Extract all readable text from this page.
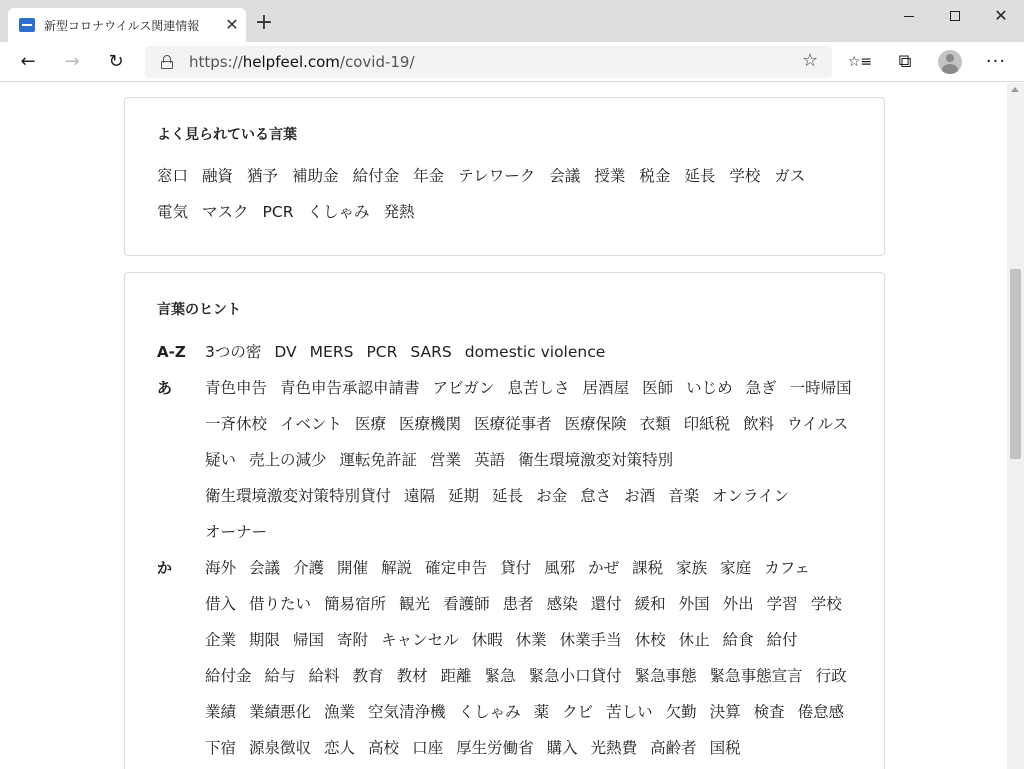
新型コロナウイルス関連情報 ✕ +	✕
←	→	↻	https://helpfeel.com/covid-19/	☆ ☆≡	⧉	···
よく見られている言葉
窓口 融資 猶予 補助金 給付金 年金 テレワーク 会議 授業 税金 延長 学校 ガス電気 マスク PCR くしゃみ 発熱
言葉のヒント
A-Z	3つの密 DV MERS PCR SARS domestic violence
あ	青色申告 青色申告承認申請書 アビガン 息苦しさ 居酒屋 医師 いじめ 急ぎ 一時帰国一斉休校 イベント 医療 医療機関 医療従事者 医療保険 衣類 印紙税 飲料 ウイルス疑い 売上の減少 運転免許証 営業 英語 衛生環境激変対策特別衛生環境激変対策特別貸付 遠隔 延期 延長 お金 怠さ お酒 音楽 オンラインオーナー
か	海外 会議 介護 開催 解説 確定申告 貸付 風邪 かぜ 課税 家族 家庭 カフェ借入 借りたい 簡易宿所 観光 看護師 患者 感染 還付 緩和 外国 外出 学習 学校企業 期限 帰国 寄附 キャンセル 休暇 休業 休業手当 休校 休止 給食 給付給付金 給与 給料 教育 教材 距離 緊急 緊急小口貸付 緊急事態 緊急事態宣言 行政業績 業績悪化 漁業 空気清浄機 くしゃみ 薬 クビ 苦しい 欠勤 決算 検査 倦怠感下宿 源泉徴収 恋人 高校 口座 厚生労働省 購入 光熱費 高齢者 国税
